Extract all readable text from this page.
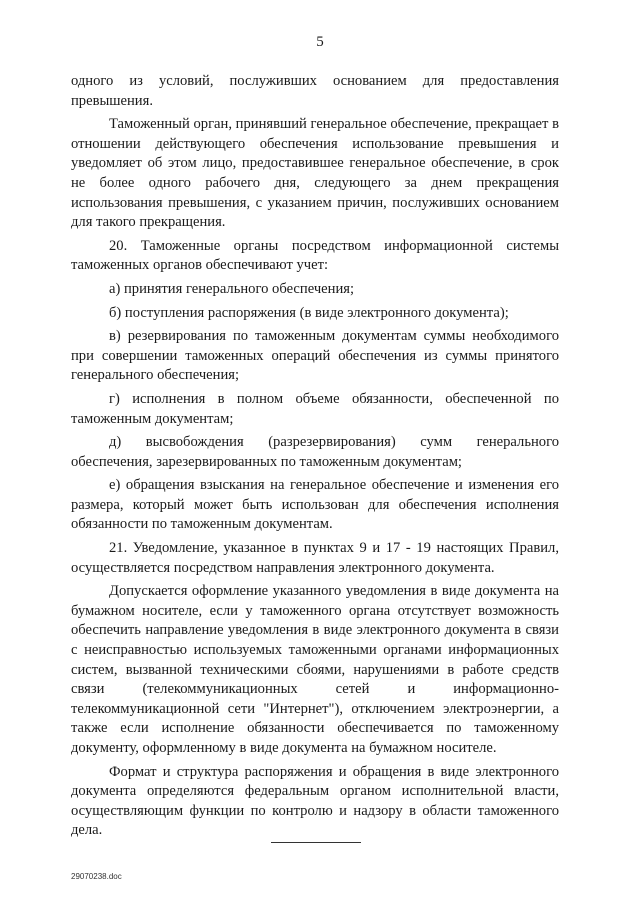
5

одного из условий, послуживших основанием для предоставления превышения.

Таможенный орган, принявший генеральное обеспечение, прекращает в отношении действующего обеспечения использование превышения и уведомляет об этом лицо, предоставившее генеральное обеспечение, в срок не более одного рабочего дня, следующего за днем прекращения использования превышения, с указанием причин, послуживших основанием для такого прекращения.

20. Таможенные органы посредством информационной системы таможенных органов обеспечивают учет:

а) принятия генерального обеспечения;

б) поступления распоряжения (в виде электронного документа);

в) резервирования по таможенным документам суммы необходимого при совершении таможенных операций обеспечения из суммы принятого генерального обеспечения;

г) исполнения в полном объеме обязанности, обеспеченной по таможенным документам;

д) высвобождения (разрезервирования) сумм генерального обеспечения, зарезервированных по таможенным документам;

е) обращения взыскания на генеральное обеспечение и изменения его размера, который может быть использован для обеспечения исполнения обязанности по таможенным документам.

21. Уведомление, указанное в пунктах 9 и 17 - 19 настоящих Правил, осуществляется посредством направления электронного документа.

Допускается оформление указанного уведомления в виде документа на бумажном носителе, если у таможенного органа отсутствует возможность обеспечить направление уведомления в виде электронного документа в связи с неисправностью используемых таможенными органами информационных систем, вызванной техническими сбоями, нарушениями в работе средств связи (телекоммуникационных сетей и информационно-телекоммуникационной сети "Интернет"), отключением электроэнергии, а также если исполнение обязанности обеспечивается по таможенному документу, оформленному в виде документа на бумажном носителе.

Формат и структура распоряжения и обращения в виде электронного документа определяются федеральным органом исполнительной власти, осуществляющим функции по контролю и надзору в области таможенного дела.

29070238.doc
